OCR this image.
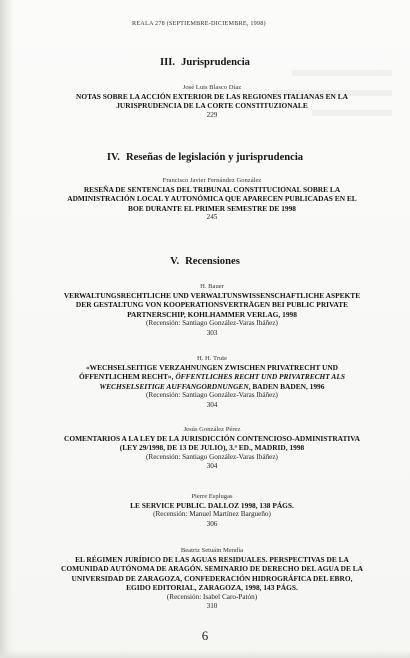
REALA 278 (SEPTIEMBRE-DICIEMBRE, 1998)
III. Jurisprudencia
José Luis Blasco Díaz
NOTAS SOBRE LA ACCIÓN EXTERIOR DE LAS REGIONES ITALIANAS EN LA
JURISPRUDENCIA DE LA CORTE CONSTITUZIONALE
229
IV. Reseñas de legislación y jurisprudencia
Francisco Javier Fernández González
RESEÑA DE SENTENCIAS DEL TRIBUNAL CONSTITUCIONAL SOBRE LA
ADMINISTRACIÓN LOCAL Y AUTONÓMICA QUE APARECEN PUBLICADAS EN EL
BOE DURANTE EL PRIMER SEMESTRE DE 1998
245
V. Recensiones
H. Bauer
VERWALTUNGSRECHTLICHE UND VERWALTUNSWISSENSCHAFTLICHE ASPEKTE
DER GESTALTUNG VON KOOPERATIONSVERTRÄGEN BEI PUBLIC PRIVATE
PARTNERSCHIP, KOHLHAMMER VERLAG, 1998
(Recensión: Santiago González-Varas Ibáñez)
303
H. H. Trute
«WECHSELSEITIGE VERZAHNUNGEN ZWISCHEN PRIVATRECHT UND
ÖFFENTLICHEM RECHT», ÖFFENTLICHES RECHT UND PRIVATRECHT ALS
WECHSELSEITIGE AUFFANGORDNUNGEN, BADEN BADEN, 1996
(Recensión: Santiago González-Varas Ibáñez)
304
Jesús González Pérez
COMENTARIOS A LA LEY DE LA JURISDICCIÓN CONTENCIOSO-ADMINISTRATIVA
(LEY 29/1998, DE 13 DE JULIO), 3.ª ED., MADRID, 1998
(Recensión: Santiago González-Varas Ibáñez)
304
Pierre Esplugas
LE SERVICE PUBLIC. DALLOZ 1998, 138 PÁGS.
(Recensión: Manuel Martínez Bargueño)
306
Beatriz Setuáin Mendía
EL RÉGIMEN JURÍDICO DE LAS AGUAS RESIDUALES. PERSPECTIVAS DE LA
COMUNIDAD AUTÓNOMA DE ARAGÓN. SEMINARIO DE DERECHO DEL AGUA DE LA
UNIVERSIDAD DE ZARAGOZA, CONFEDERACIÓN HIDROGRÁFICA DEL EBRO,
EGIDO EDITORIAL, ZARAGOZA, 1998, 143 PÁGS.
(Recensión: Isabel Caro-Patón)
310
6
